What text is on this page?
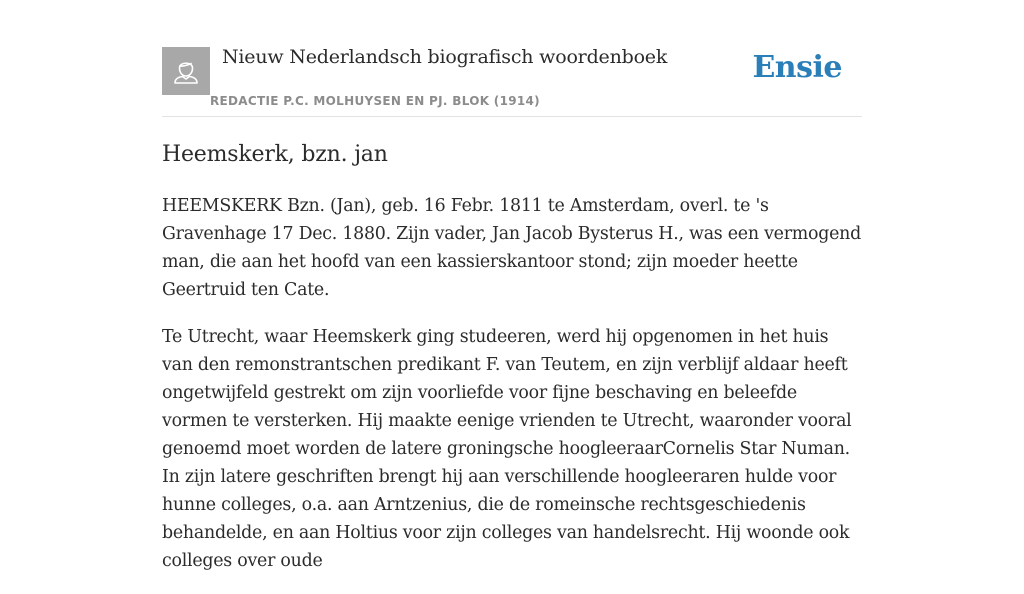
Nieuw Nederlandsch biografisch woordenboek
REDACTIE P.C. MOLHUYSEN EN PJ. BLOK (1914)
Ensie
Heemskerk, bzn. jan

HEEMSKERK Bzn. (Jan), geb. 16 Febr. 1811 te Amsterdam, overl. te 's Gravenhage 17 Dec. 1880. Zijn vader, Jan Jacob Bysterus H., was een vermogend man, die aan het hoofd van een kassierskantoor stond; zijn moeder heette Geertruid ten Cate.

Te Utrecht, waar Heemskerk ging studeeren, werd hij opgenomen in het huis van den remonstrantschen predikant F. van Teutem, en zijn verblijf aldaar heeft ongetwijfeld gestrekt om zijn voorliefde voor fijne beschaving en beleefde vormen te versterken. Hij maakte eenige vrienden te Utrecht, waaronder vooral genoemd moet worden de latere groningsche hoogleeraarCornelis Star Numan. In zijn latere geschriften brengt hij aan verschillende hoogleeraren hulde voor hunne colleges, o.a. aan Arntzenius, die de romeinsche rechtsgeschiedenis behandelde, en aan Holtius voor zijn colleges van handelsrecht. Hij woonde ook colleges over oude
